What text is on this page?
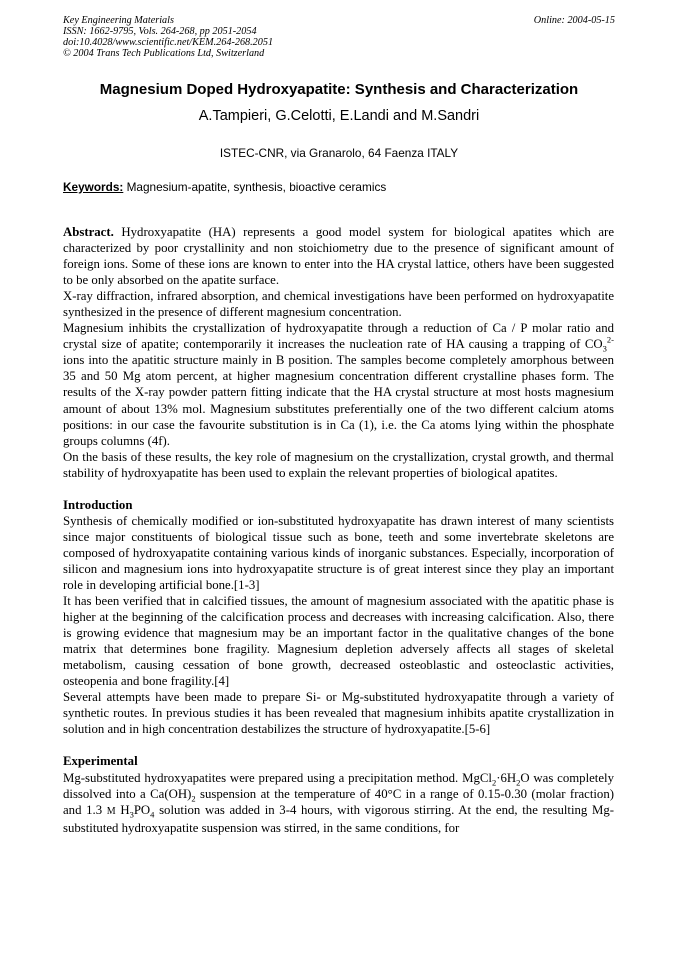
Key Engineering Materials
ISSN: 1662-9795, Vols. 264-268, pp 2051-2054
doi:10.4028/www.scientific.net/KEM.264-268.2051
© 2004 Trans Tech Publications Ltd, Switzerland
Online: 2004-05-15
Magnesium Doped Hydroxyapatite: Synthesis and Characterization
A.Tampieri, G.Celotti, E.Landi and M.Sandri
ISTEC-CNR, via Granarolo, 64 Faenza ITALY
Keywords: Magnesium-apatite, synthesis, bioactive ceramics

Abstract. Hydroxyapatite (HA) represents a good model system for biological apatites which are characterized by poor crystallinity and non stoichiometry due to the presence of significant amount of foreign ions. Some of these ions are known to enter into the HA crystal lattice, others have been suggested to be only absorbed on the apatite surface.

X-ray diffraction, infrared absorption, and chemical investigations have been performed on hydroxyapatite synthesized in the presence of different magnesium concentration.

Magnesium inhibits the crystallization of hydroxyapatite through a reduction of Ca / P molar ratio and crystal size of apatite; contemporarily it increases the nucleation rate of HA causing a trapping of $CO_3^{2-}$ ions into the apatitic structure mainly in B position. The samples become completely amorphous between 35 and 50 Mg atom percent, at higher magnesium concentration different crystalline phases form. The results of the X-ray powder pattern fitting indicate that the HA crystal structure at most hosts magnesium amount of about 13% mol. Magnesium substitutes preferentially one of the two different calcium atoms positions: in our case the favourite substitution is in Ca (1), i.e. the Ca atoms lying within the phosphate groups columns (4f).

On the basis of these results, the key role of magnesium on the crystallization, crystal growth, and thermal stability of hydroxyapatite has been used to explain the relevant properties of biological apatites.

Introduction

Synthesis of chemically modified or ion-substituted hydroxyapatite has drawn interest of many scientists since major constituents of biological tissue such as bone, teeth and some invertebrate skeletons are composed of hydroxyapatite containing various kinds of inorganic substances. Especially, incorporation of silicon and magnesium ions into hydroxyapatite structure is of great interest since they play an important role in developing artificial bone.[1-3]

It has been verified that in calcified tissues, the amount of magnesium associated with the apatitic phase is higher at the beginning of the calcification process and decreases with increasing calcification. Also, there is growing evidence that magnesium may be an important factor in the qualitative changes of the bone matrix that determines bone fragility. Magnesium depletion adversely affects all stages of skeletal metabolism, causing cessation of bone growth, decreased osteoblastic and osteoclastic activities, osteopenia and bone fragility.[4]

Several attempts have been made to prepare Si- or Mg-substituted hydroxyapatite through a variety of synthetic routes. In previous studies it has been revealed that magnesium inhibits apatite crystallization in solution and in high concentration destabilizes the structure of hydroxyapatite.[5-6]

Experimental

Mg-substituted hydroxyapatites were prepared using a precipitation method. $MgCl_2\cdot 6H_2O$ was completely dissolved into a $Ca(OH)_2$ suspension at the temperature of 40°C in a range of 0.15-0.30 (molar fraction) and 1.3 M $H_3PO_4$ solution was added in 3-4 hours, with vigorous stirring. At the end, the resulting Mg-substituted hydroxyapatite suspension was stirred, in the same conditions, for
